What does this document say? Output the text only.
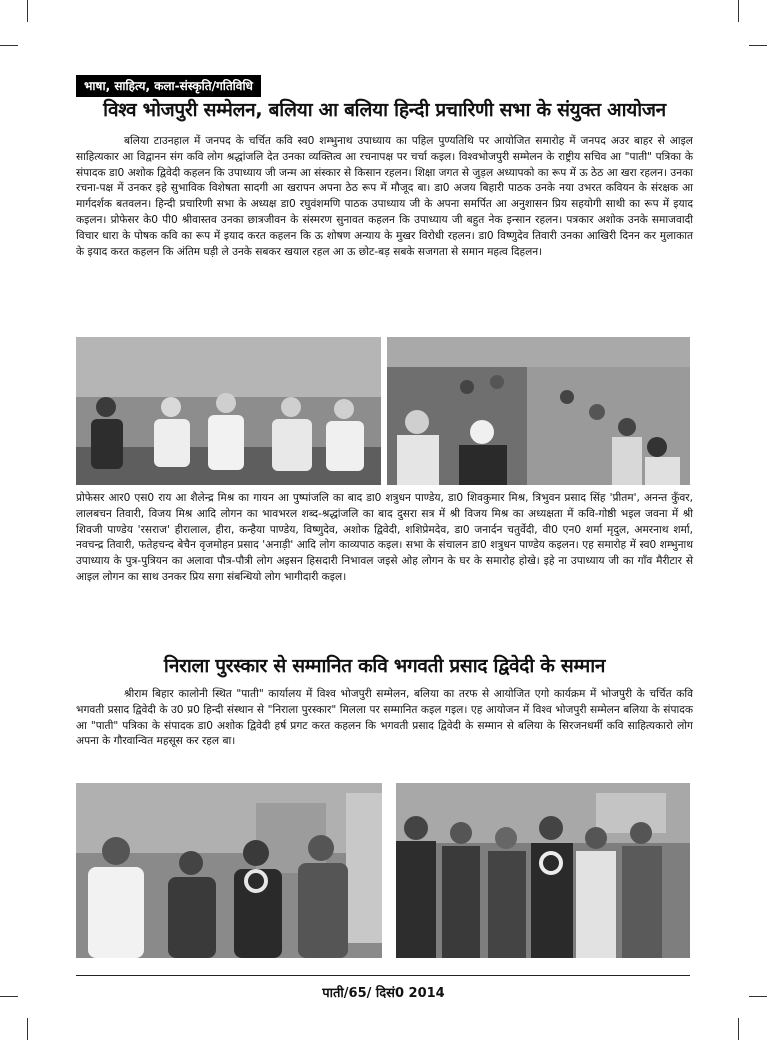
भाषा, साहित्य, कला-संस्कृति/गतिविधि
विश्व भोजपुरी सम्मेलन, बलिया आ बलिया हिन्दी प्रचारिणी सभा के संयुक्त आयोजन

बलिया टाउनहाल में जनपद के चर्चित कवि स्व0 शम्भुनाथ उपाध्याय का पहिल पुण्यतिथि पर आयोजित समारोह में जनपद अउर बाहर से आइल साहित्यकार आ विद्वानन संग कवि लोग श्रद्धांजलि देत उनका व्यक्तित्व आ रचनापक्ष पर चर्चा कइल। विश्वभोजपुरी सम्मेलन के राष्ट्रीय सचिव आ "पाती" पत्रिका के संपादक डा0 अशोक द्विवेदी कहलन कि उपाध्याय जी जन्म आ संस्कार से किसान रहलन। शिक्षा जगत से जुड़ल अध्यापको का रूप में ऊ ठेठ आ खरा रहलन। उनका रचना-पक्ष में उनकर इहे सुभाविक विशेषता सादगी आ खरापन अपना ठेठ रूप में मौजूद बा। डा0 अजय बिहारी पाठक उनके नया उभरत कवियन के संरक्षक आ मार्गदर्शक बतवलन। हिन्दी प्रचारिणी सभा के अध्यक्ष डा0 रघुवंशमणि पाठक उपाध्याय जी के अपना समर्पित आ अनुशासन प्रिय सहयोगी साथी का रूप में इयाद कइलन। प्रोफेसर के0 पी0 श्रीवास्तव उनका छात्रजीवन के संस्मरण सुनावत कहलन कि उपाध्याय जी बहुत नेक इन्सान रहलन। पत्रकार अशोक उनके समाजवादी विचार धारा के पोषक कवि का रूप में इयाद करत कहलन कि ऊ शोषण अन्याय के मुखर विरोधी रहलन। डा0 विष्णुदेव तिवारी उनका आखिरी दिनन कर मुलाकात के इयाद करत कहलन कि अंतिम घड़ी ले उनके सबकर खयाल रहल आ ऊ छोट-बड़ सबके सजगता से समान महत्व दिहलन।

प्रोफेसर आर0 एस0 राय आ शैलेन्द्र मिश्र का गायन आ पुष्पांजलि का बाद डा0 शत्रुधन पाण्डेय, डा0 शिवकुमार मिश्र, त्रिभुवन प्रसाद सिंह 'प्रीतम', अनन्त कुँवर, लालबचन तिवारी, विजय मिश्र आदि लोगन का भावभरल शब्द-श्रद्धांजलि का बाद दुसरा सत्र में श्री विजय मिश्र का अध्यक्षता में कवि-गोष्ठी भइल जवना में श्री शिवजी पाण्डेय 'रसराज' हीरालाल, हीरा, कन्हैया पाण्डेय, विष्णुदेव, अशोक द्विवेदी, शशिप्रेमदेव, डा0 जनार्दन चतुर्वेदी, वी0 एन0 शर्मा मृदुल, अमरनाथ शर्मा, नवचन्द्र तिवारी, फतेहचन्द बेचैन वृजमोहन प्रसाद 'अनाड़ी' आदि लोग काव्यपाठ कइल। सभा के संचालन डा0 शत्रुधन पाण्डेय कइलन। एह समारोह में स्व0 शम्भुनाथ उपाध्याय के पुत्र-पुत्रियन का अलावा पौत्र-पौत्री लोग अइसन हिसदारी निभावल जइसे ओह लोगन के घर के समारोह होखे। इहे ना उपाध्याय जी का गाँव मैरीटार से आइल लोगन का साथ उनकर प्रिय सगा संबन्धियो लोग भागीदारी कइल।

निराला पुरस्कार से सम्मानित कवि भगवती प्रसाद द्विवेदी के सम्मान

श्रीराम बिहार कालोनी स्थित "पाती" कार्यालय में विश्व भोजपुरी सम्मेलन, बलिया का तरफ से आयोजित एगो कार्यक्रम में भोजपुरी के चर्चित कवि भगवती प्रसाद द्विवेदी के उ0 प्र0 हिन्दी संस्थान से "निराला पुरस्कार" मिलला पर सम्मानित कइल गइल। एह आयोजन में विश्व भोजपुरी सम्मेलन बलिया के संपादक आ "पाती" पत्रिका के संपादक डा0 अशोक द्विवेदी हर्ष प्रगट करत कहलन कि भगवती प्रसाद द्विवेदी के सम्मान से बलिया के सिरजनधर्मी कवि साहित्यकारो लोग अपना के गौरवान्वित महसूस कर रहल बा।

पाती/65/ दिसं0 2014
